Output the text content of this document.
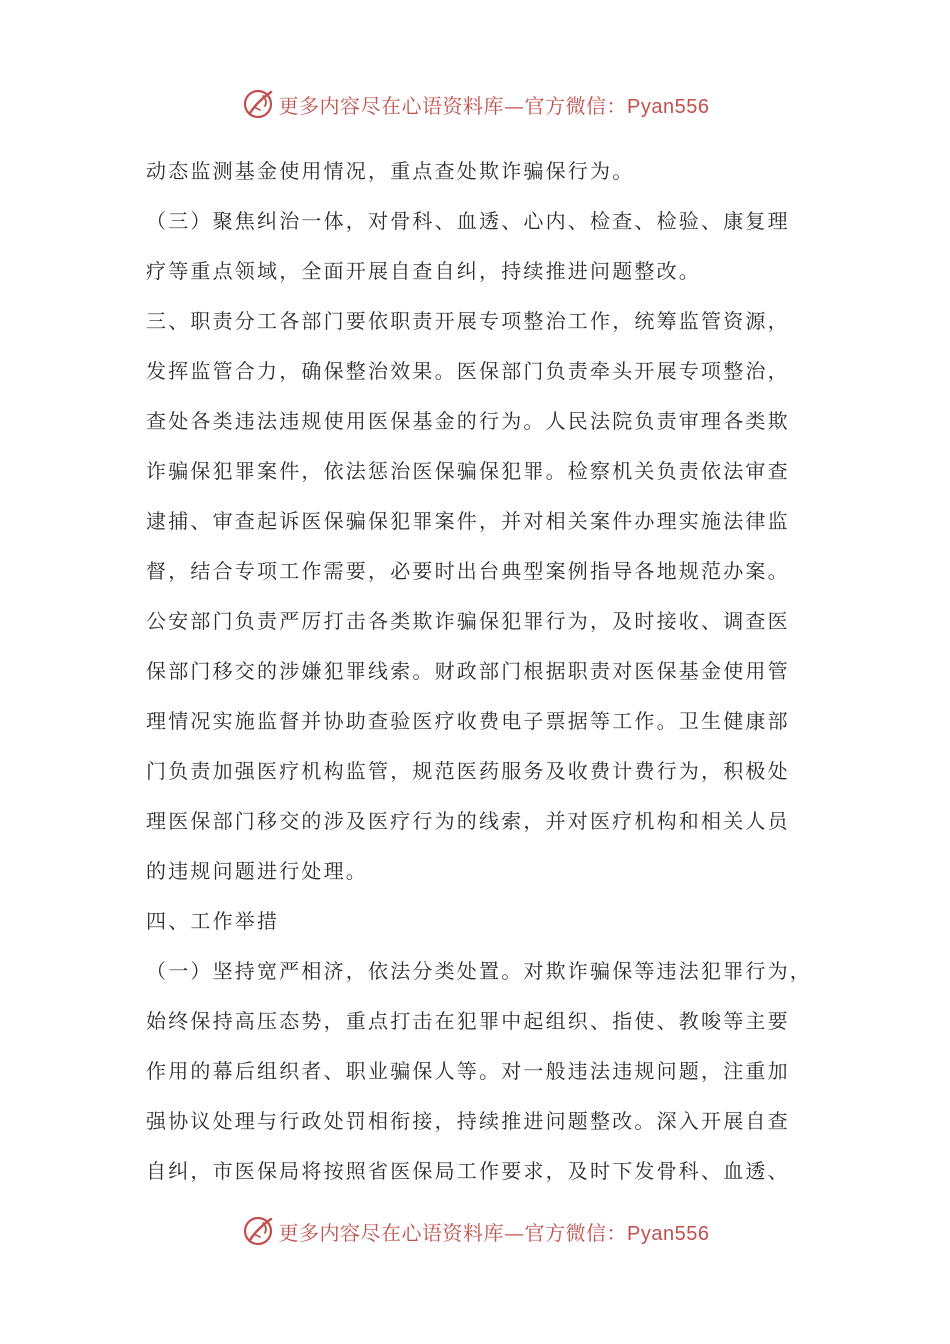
更多内容尽在心语资料库—官方微信：Pyan556
动态监测基金使用情况，重点查处欺诈骗保行为。
（三）聚焦纠治一体，对骨科、血透、心内、检查、检验、康复理
疗等重点领域，全面开展自查自纠，持续推进问题整改。
三、职责分工各部门要依职责开展专项整治工作，统筹监管资源，
发挥监管合力，确保整治效果。医保部门负责牵头开展专项整治，
查处各类违法违规使用医保基金的行为。人民法院负责审理各类欺
诈骗保犯罪案件，依法惩治医保骗保犯罪。检察机关负责依法审查
逮捕、审查起诉医保骗保犯罪案件，并对相关案件办理实施法律监
督，结合专项工作需要，必要时出台典型案例指导各地规范办案。
公安部门负责严厉打击各类欺诈骗保犯罪行为，及时接收、调查医
保部门移交的涉嫌犯罪线索。财政部门根据职责对医保基金使用管
理情况实施监督并协助查验医疗收费电子票据等工作。卫生健康部
门负责加强医疗机构监管，规范医药服务及收费计费行为，积极处
理医保部门移交的涉及医疗行为的线索，并对医疗机构和相关人员
的违规问题进行处理。
四、工作举措
（一）坚持宽严相济，依法分类处置。对欺诈骗保等违法犯罪行为，
始终保持高压态势，重点打击在犯罪中起组织、指使、教唆等主要
作用的幕后组织者、职业骗保人等。对一般违法违规问题，注重加
强协议处理与行政处罚相衔接，持续推进问题整改。深入开展自查
自纠，市医保局将按照省医保局工作要求，及时下发骨科、血透、
更多内容尽在心语资料库—官方微信：Pyan556
